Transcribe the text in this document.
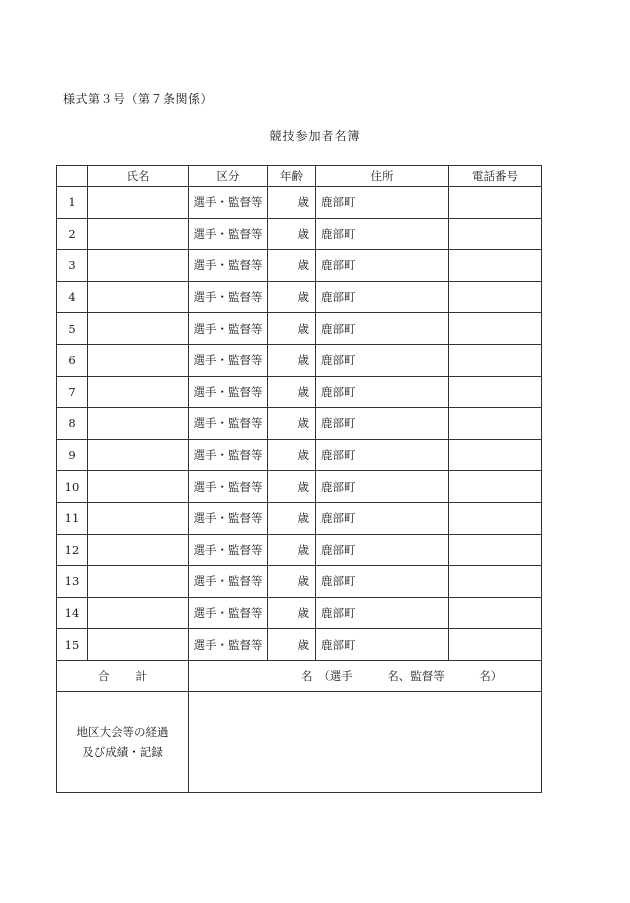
様式第３号（第７条関係）
競技参加者名簿
	氏名	区分	年齢	住所	電話番号
1		選手・監督等	歳	鹿部町	
2		選手・監督等	歳	鹿部町	
3		選手・監督等	歳	鹿部町	
4		選手・監督等	歳	鹿部町	
5		選手・監督等	歳	鹿部町	
6		選手・監督等	歳	鹿部町	
7		選手・監督等	歳	鹿部町	
8		選手・監督等	歳	鹿部町	
9		選手・監督等	歳	鹿部町	
10		選手・監督等	歳	鹿部町	
11		選手・監督等	歳	鹿部町	
12		選手・監督等	歳	鹿部町	
13		選手・監督等	歳	鹿部町	
14		選手・監督等	歳	鹿部町	
15		選手・監督等	歳	鹿部町	
合 計		名　（選手　　　名、監督等　　　名）			

地区大会等の経過
及び成績・記録					
